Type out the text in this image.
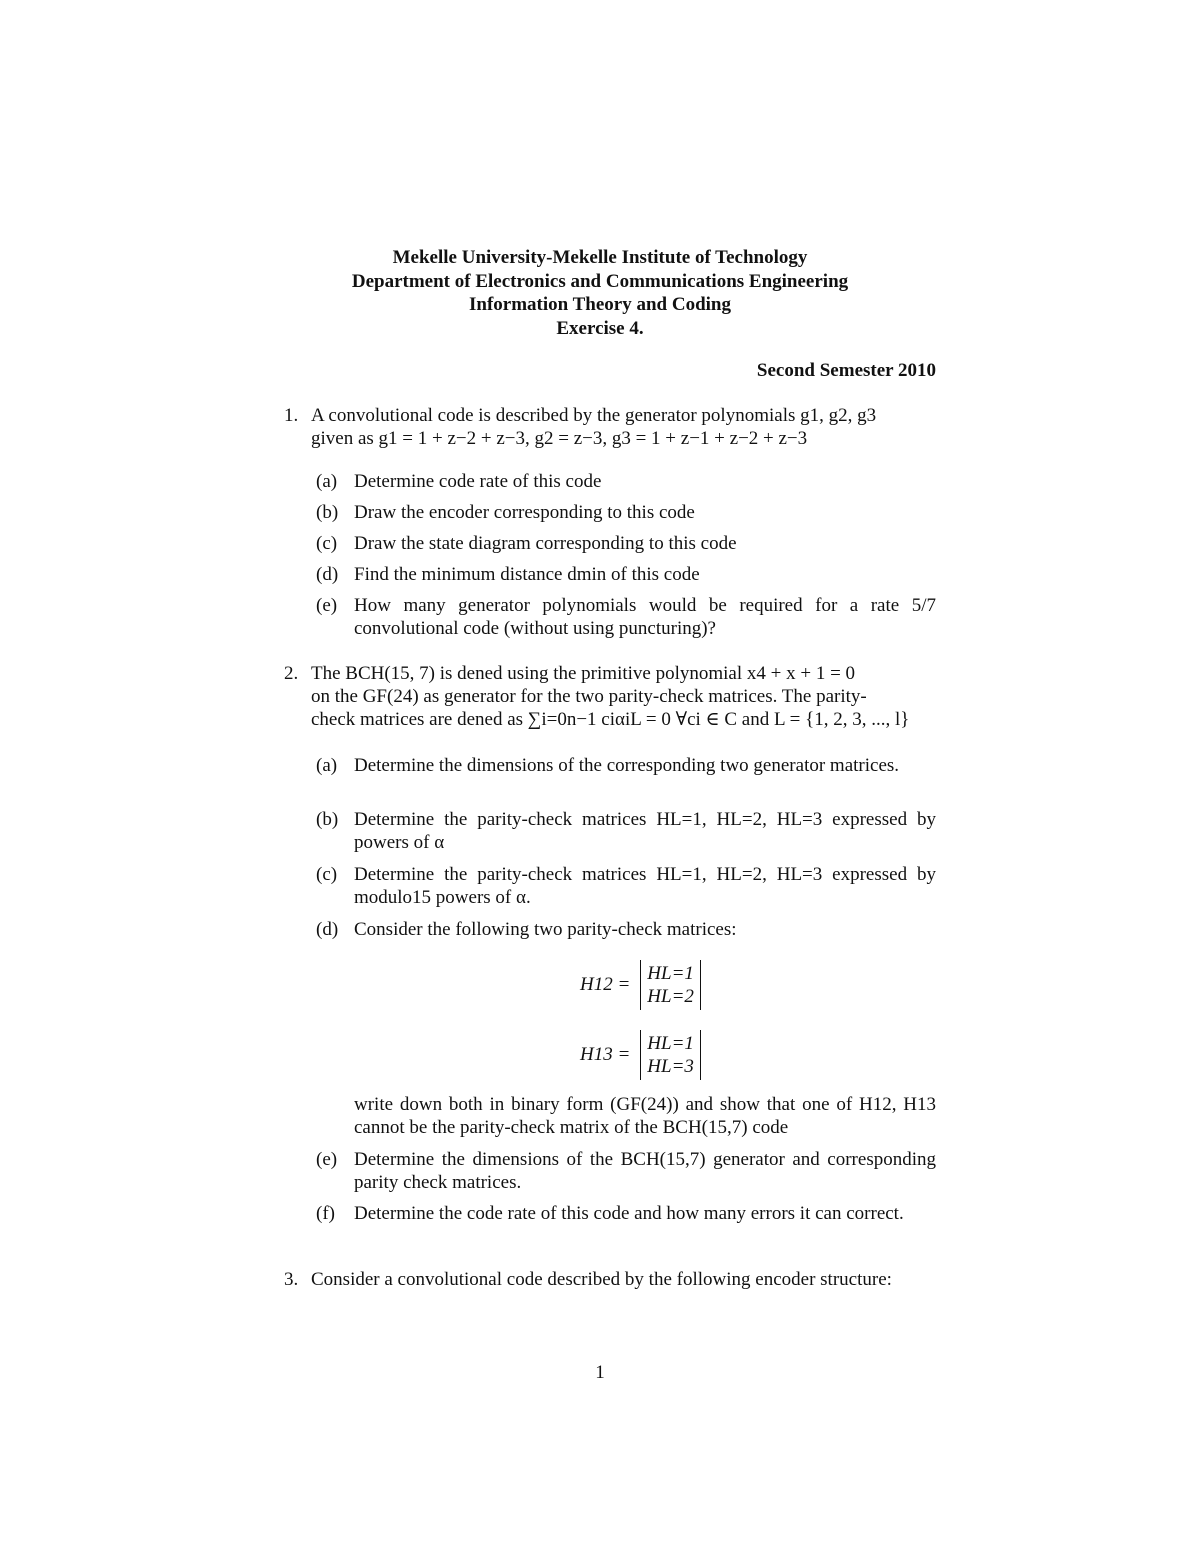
Mekelle University-Mekelle Institute of Technology
Department of Electronics and Communications Engineering
Information Theory and Coding
Exercise 4.
Second Semester 2010
1. A convolutional code is described by the generator polynomials g1, g2, g3
given as g1 = 1 + z−2 + z−3, g2 = z−3, g3 = 1 + z−1 + z−2 + z−3
(a) Determine code rate of this code
(b) Draw the encoder corresponding to this code
(c) Draw the state diagram corresponding to this code
(d) Find the minimum distance dmin of this code
(e) How many generator polynomials would be required for a rate 5/7 convolutional code (without using puncturing)?
2. The BCH(15, 7) is dened using the primitive polynomial x4 + x + 1 = 0
on the GF(24) as generator for the two parity-check matrices. The parity-
check matrices are dened as ∑i=0n−1 ciαiL = 0 ∀ci ∈ C and L = {1, 2, 3, ..., l}
(a) Determine the dimensions of the corresponding two generator matrices.
(b) Determine the parity-check matrices HL=1, HL=2, HL=3 expressed by powers of α
(c) Determine the parity-check matrices HL=1, HL=2, HL=3 expressed by modulo15 powers of α.
(d) Consider the following two parity-check matrices:
H12 =
HL=1
HL=2
H13 =
HL=1
HL=3
write down both in binary form (GF(24)) and show that one of H12, H13 cannot be the parity-check matrix of the BCH(15,7) code
(e) Determine the dimensions of the BCH(15,7) generator and corresponding parity check matrices.
(f) Determine the code rate of this code and how many errors it can correct.
3. Consider a convolutional code described by the following encoder structure:
1
